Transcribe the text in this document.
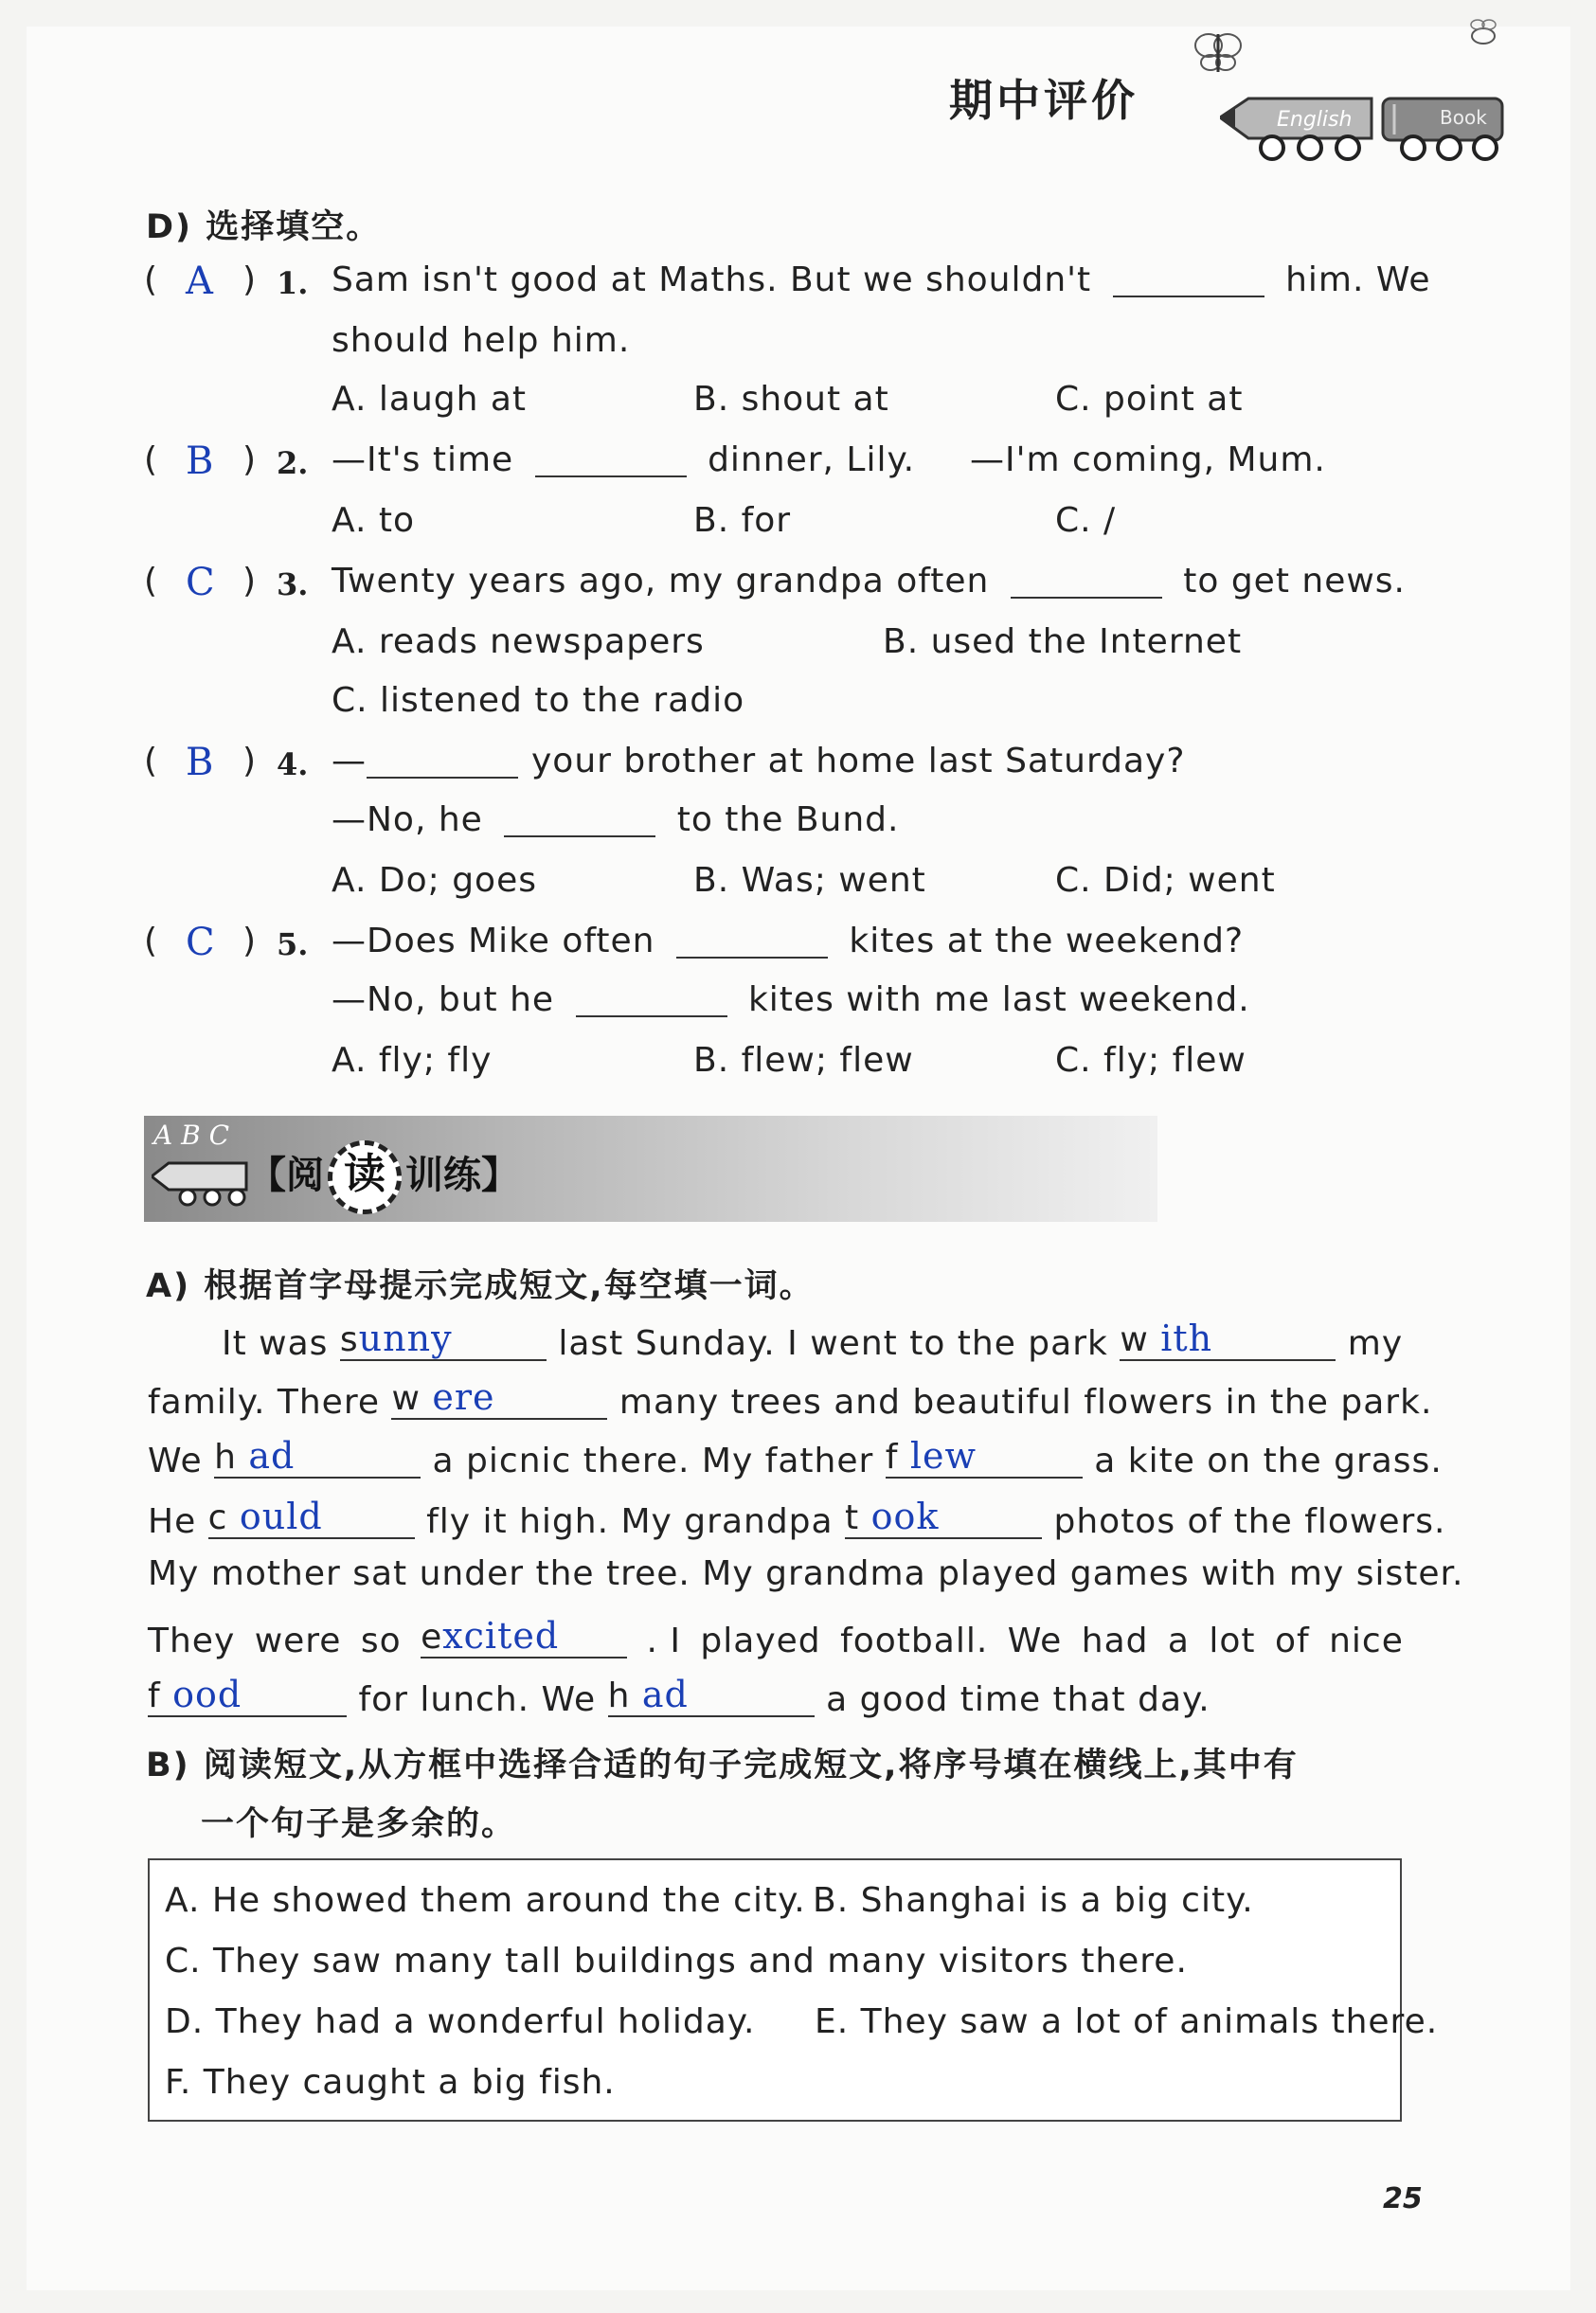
期中评价	English	Book
D) 选择填空。
( A ) 1. Sam isn't good at Maths. But we shouldn't	him. We
should help him.
A. laugh at	B. shout at	C. point at
( B ) 2. —It's time	dinner, Lily. —I'm coming, Mum.
A. to	B. for	C. /
( C ) 3. Twenty years ago, my grandpa often	to get news.
A. reads newspapers	B. used the Internet
C. listened to the radio
( B ) 4. —	your brother at home last Saturday?
—No, he	to the Bund.
A. Do; goes	B. Was; went	C. Did; went
( C ) 5. —Does Mike often	kites at the weekend?
—No, but he	kites with me last weekend.
A. fly; fly	B. flew; flew	C. fly; flew
A B C
【阅 读 训练】
A) 根据首字母提示完成短文,每空填一词。
It was sunny	last Sunday. I went to the park w ith	my
family. There w ere	many trees and beautiful flowers in the park.
We h ad	a picnic there. My father f lew	a kite on the grass.
He c ould	fly it high. My grandpa t ook	photos of the flowers.
My mother sat under the tree. My grandma played games with my sister.
They were so excited	. I played football. We had a lot of nice
f ood	for lunch. We h ad	a good time that day.
B) 阅读短文,从方框中选择合适的句子完成短文,将序号填在横线上,其中有
一个句子是多余的。
A. He showed them around the city. B. Shanghai is a big city.
C. They saw many tall buildings and many visitors there.
D. They had a wonderful holiday. E. They saw a lot of animals there.
F. They caught a big fish.
25
